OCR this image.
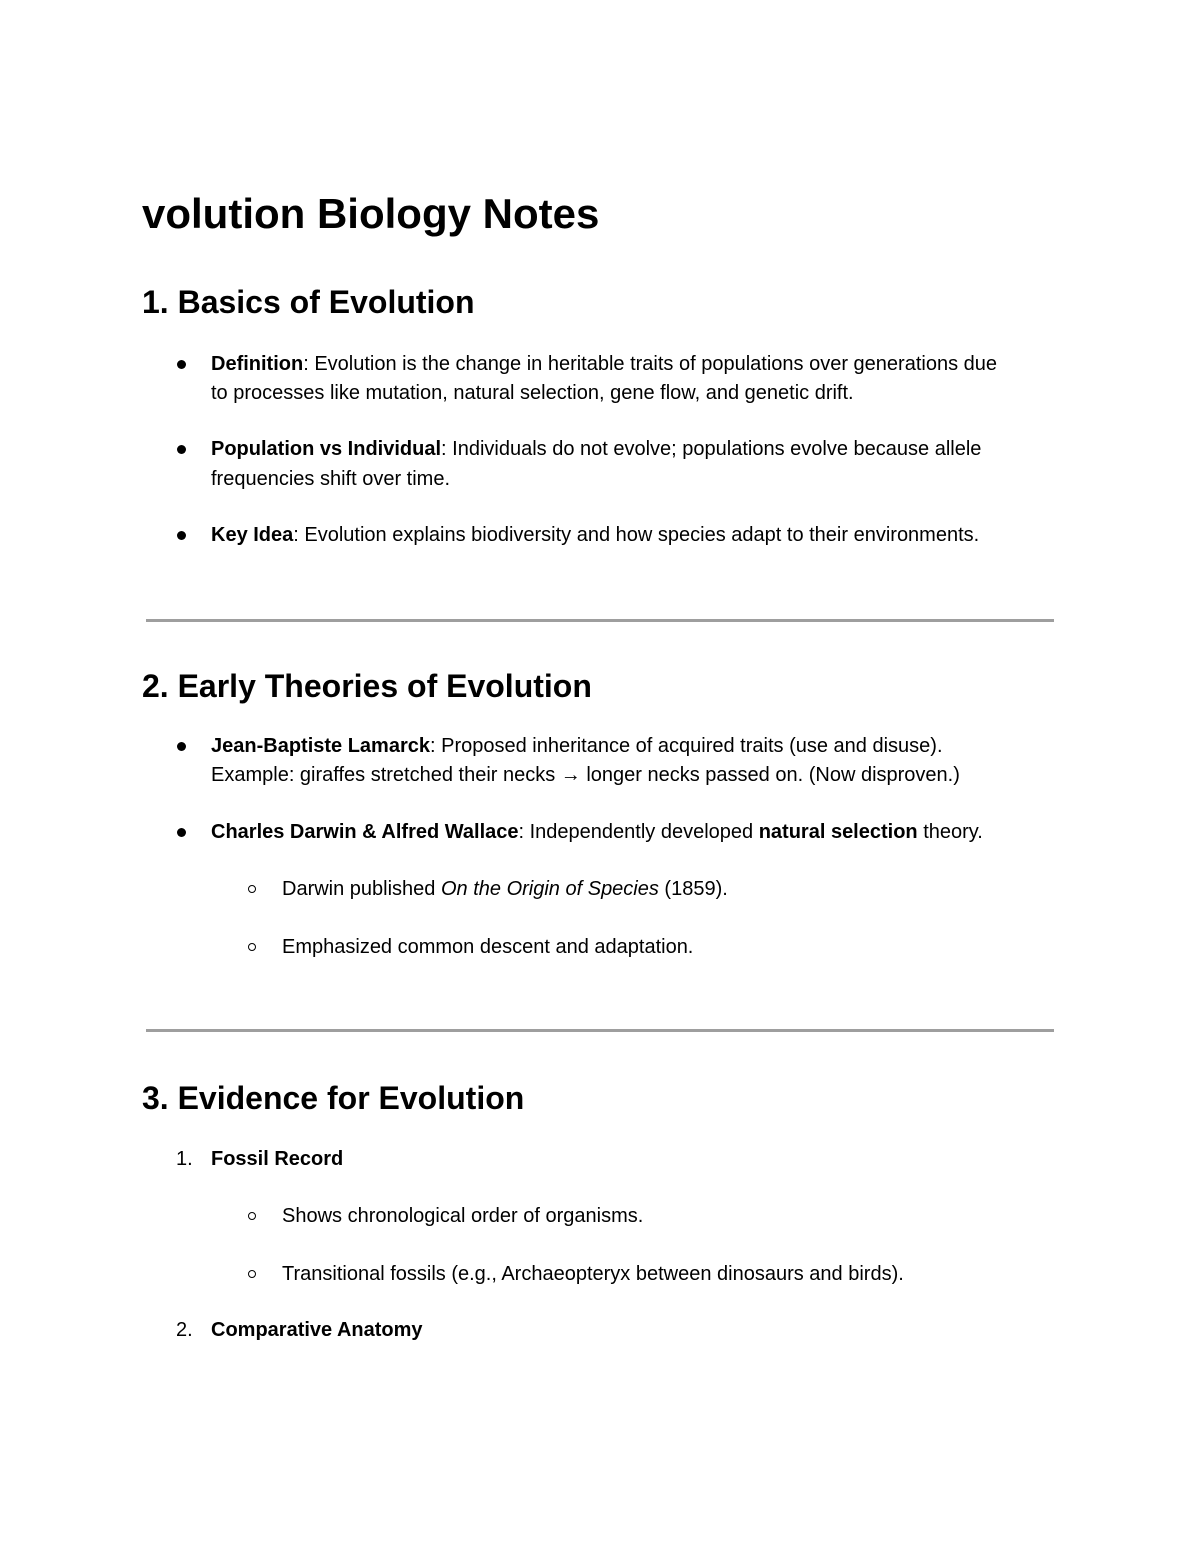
volution Biology Notes
1. Basics of Evolution
Definition: Evolution is the change in heritable traits of populations over generations due
to processes like mutation, natural selection, gene flow, and genetic drift.
Population vs Individual: Individuals do not evolve; populations evolve because allele
frequencies shift over time.
Key Idea: Evolution explains biodiversity and how species adapt to their environments.
2. Early Theories of Evolution
Jean-Baptiste Lamarck: Proposed inheritance of acquired traits (use and disuse).
Example: giraffes stretched their necks → longer necks passed on. (Now disproven.)
Charles Darwin & Alfred Wallace: Independently developed natural selection theory.
Darwin published On the Origin of Species (1859).
Emphasized common descent and adaptation.
3. Evidence for Evolution
1. Fossil Record
Shows chronological order of organisms.
Transitional fossils (e.g., Archaeopteryx between dinosaurs and birds).
2. Comparative Anatomy
